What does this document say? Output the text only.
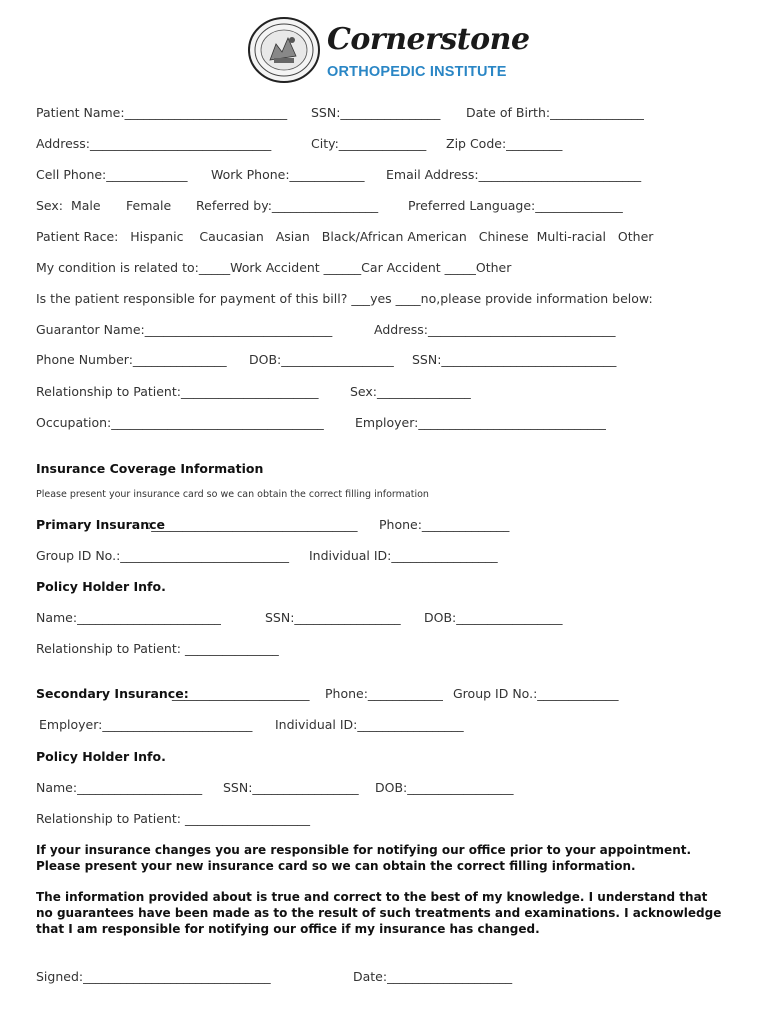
Cornerstone
ORTHOPEDIC INSTITUTE
Patient Name:__________________________ SSN:________________ Date of Birth:_______________
Address:_____________________________	City:______________ Zip Code:_________
Cell Phone:_____________ Work Phone:____________ Email Address:__________________________
Sex:  Male Female Referred by:_________________ Preferred Language:______________
Patient Race:   Hispanic    Caucasian   Asian   Black/African American   Chinese  Multi-racial   Other
My condition is related to:_____Work Accident ______Car Accident _____Other
Is the patient responsible for payment of this bill? ___yes ____no,please provide information below:
Guarantor Name:______________________________	Address:______________________________
Phone Number:_______________ DOB:__________________ SSN:____________________________
Relationship to Patient:______________________	Sex:_______________
Occupation:__________________________________ Employer:______________________________
Insurance Coverage Information
Please present your insurance card so we can obtain the correct filling information
Primary Insurance
:_________________________________ Phone:______________
Group ID No.:___________________________ Individual ID:_________________
Policy Holder Info.
Name:_______________________	SSN:_________________ DOB:_________________
Relationship to Patient: _______________
Secondary Insurance:
______________________ Phone:____________ Group ID No.:_____________
Employer:________________________ Individual ID:_________________
Policy Holder Info.
Name:____________________ SSN:_________________ DOB:_________________
Relationship to Patient: ____________________
If your insurance changes you are responsible for notifying our office prior to your appointment. Please present your new insurance card so we can obtain the correct filling information.
The information provided about is true and correct to the best of my knowledge. I understand that no guarantees have been made as to the result of such treatments and examinations. I acknowledge that I am responsible for notifying our office if my insurance has changed.
Signed:______________________________	Date:____________________
